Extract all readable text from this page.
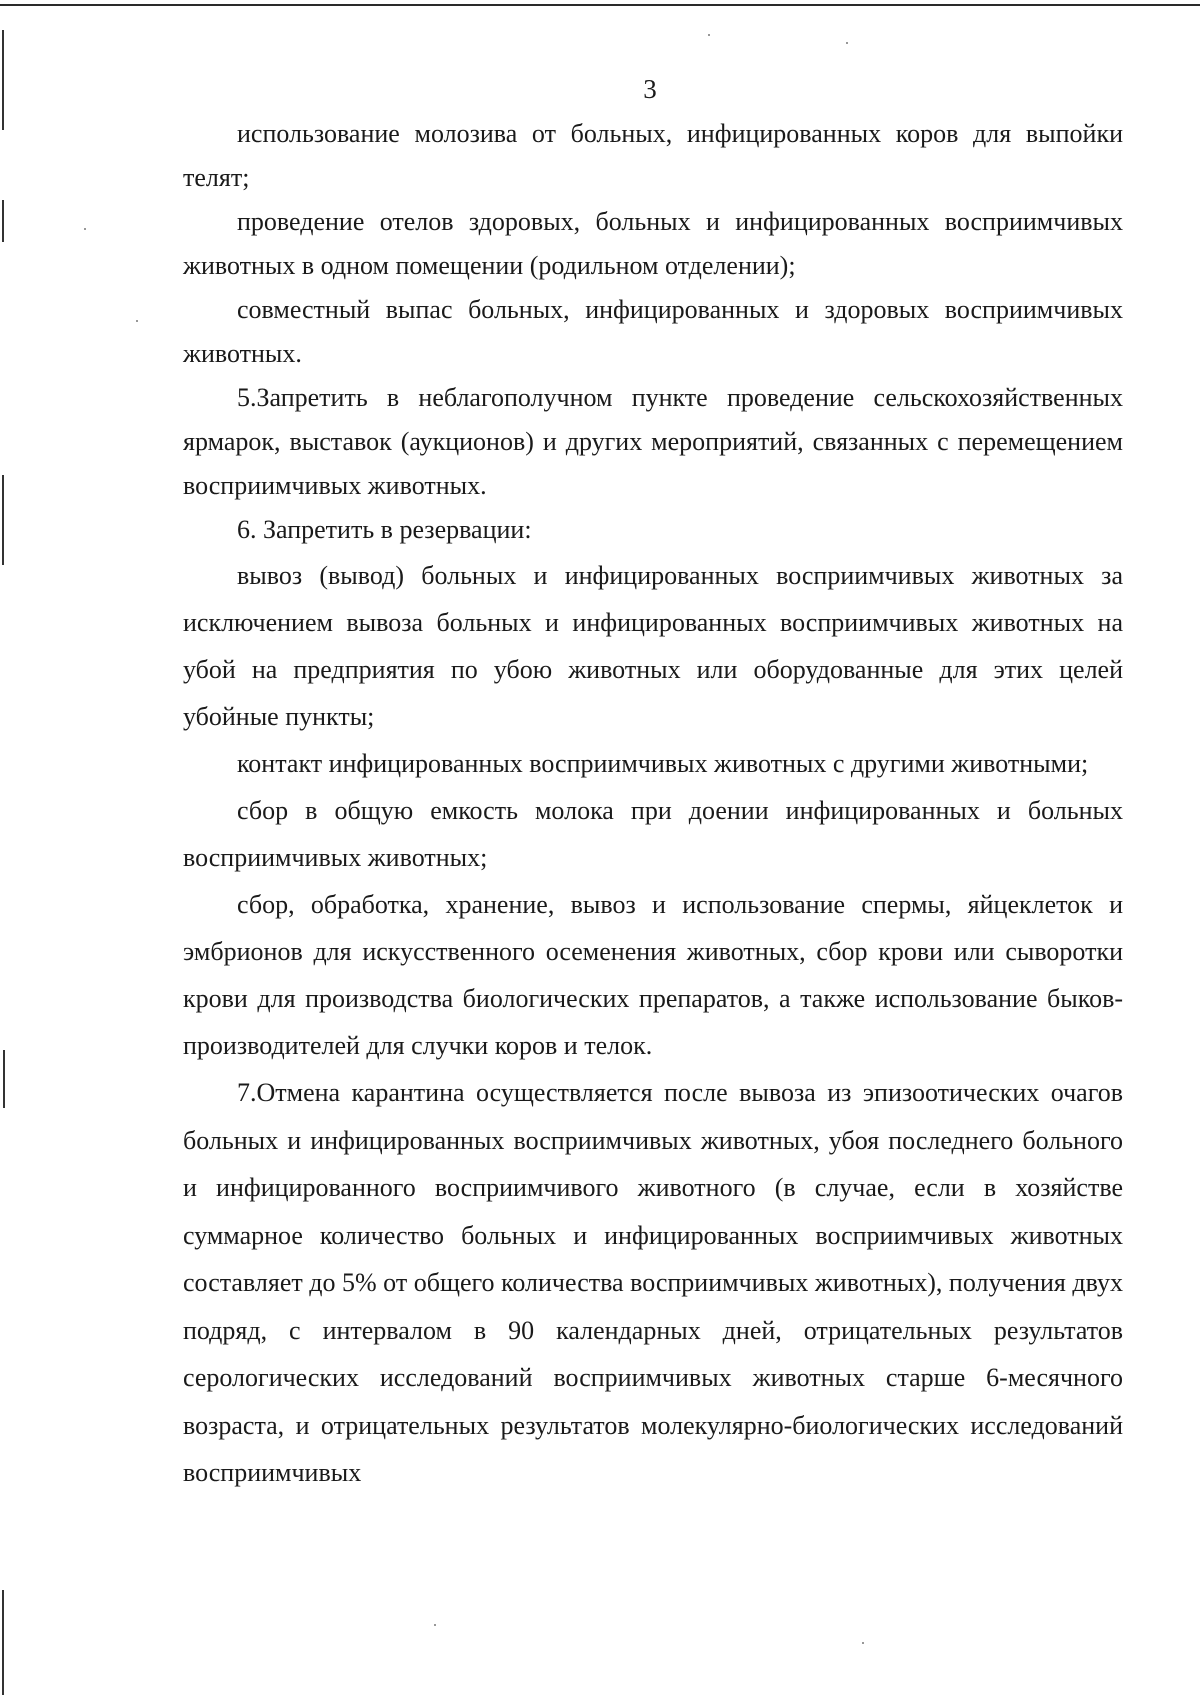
3

использование молозива от больных, инфицированных коров для выпойки телят;

проведение отелов здоровых, больных и инфицированных восприимчивых животных в одном помещении (родильном отделении);

совместный выпас больных, инфицированных и здоровых восприимчивых животных.

5.Запретить в неблагополучном пункте проведение сельскохозяйственных ярмарок, выставок (аукционов) и других мероприятий, связанных с перемещением восприимчивых животных.

6. Запретить в резервации:

вывоз (вывод) больных и инфицированных восприимчивых животных за исключением вывоза больных и инфицированных восприимчивых животных на убой на предприятия по убою животных или оборудованные для этих целей убойные пункты;

контакт инфицированных восприимчивых животных с другими животными;

сбор в общую емкость молока при доении инфицированных и больных восприимчивых животных;

сбор, обработка, хранение, вывоз и использование спермы, яйцеклеток и эмбрионов для искусственного осеменения животных, сбор крови или сыворотки крови для производства биологических препаратов, а также использование быков-производителей для случки коров и телок.

7.Отмена карантина осуществляется после вывоза из эпизоотических очагов больных и инфицированных восприимчивых животных, убоя последнего больного и инфицированного восприимчивого животного (в случае, если в хозяйстве суммарное количество больных и инфицированных восприимчивых животных составляет до 5% от общего количества восприимчивых животных), получения двух подряд, с интервалом в 90 календарных дней, отрицательных результатов серологических исследований восприимчивых животных старше 6-месячного возраста, и отрицательных результатов молекулярно-биологических исследований восприимчивых
